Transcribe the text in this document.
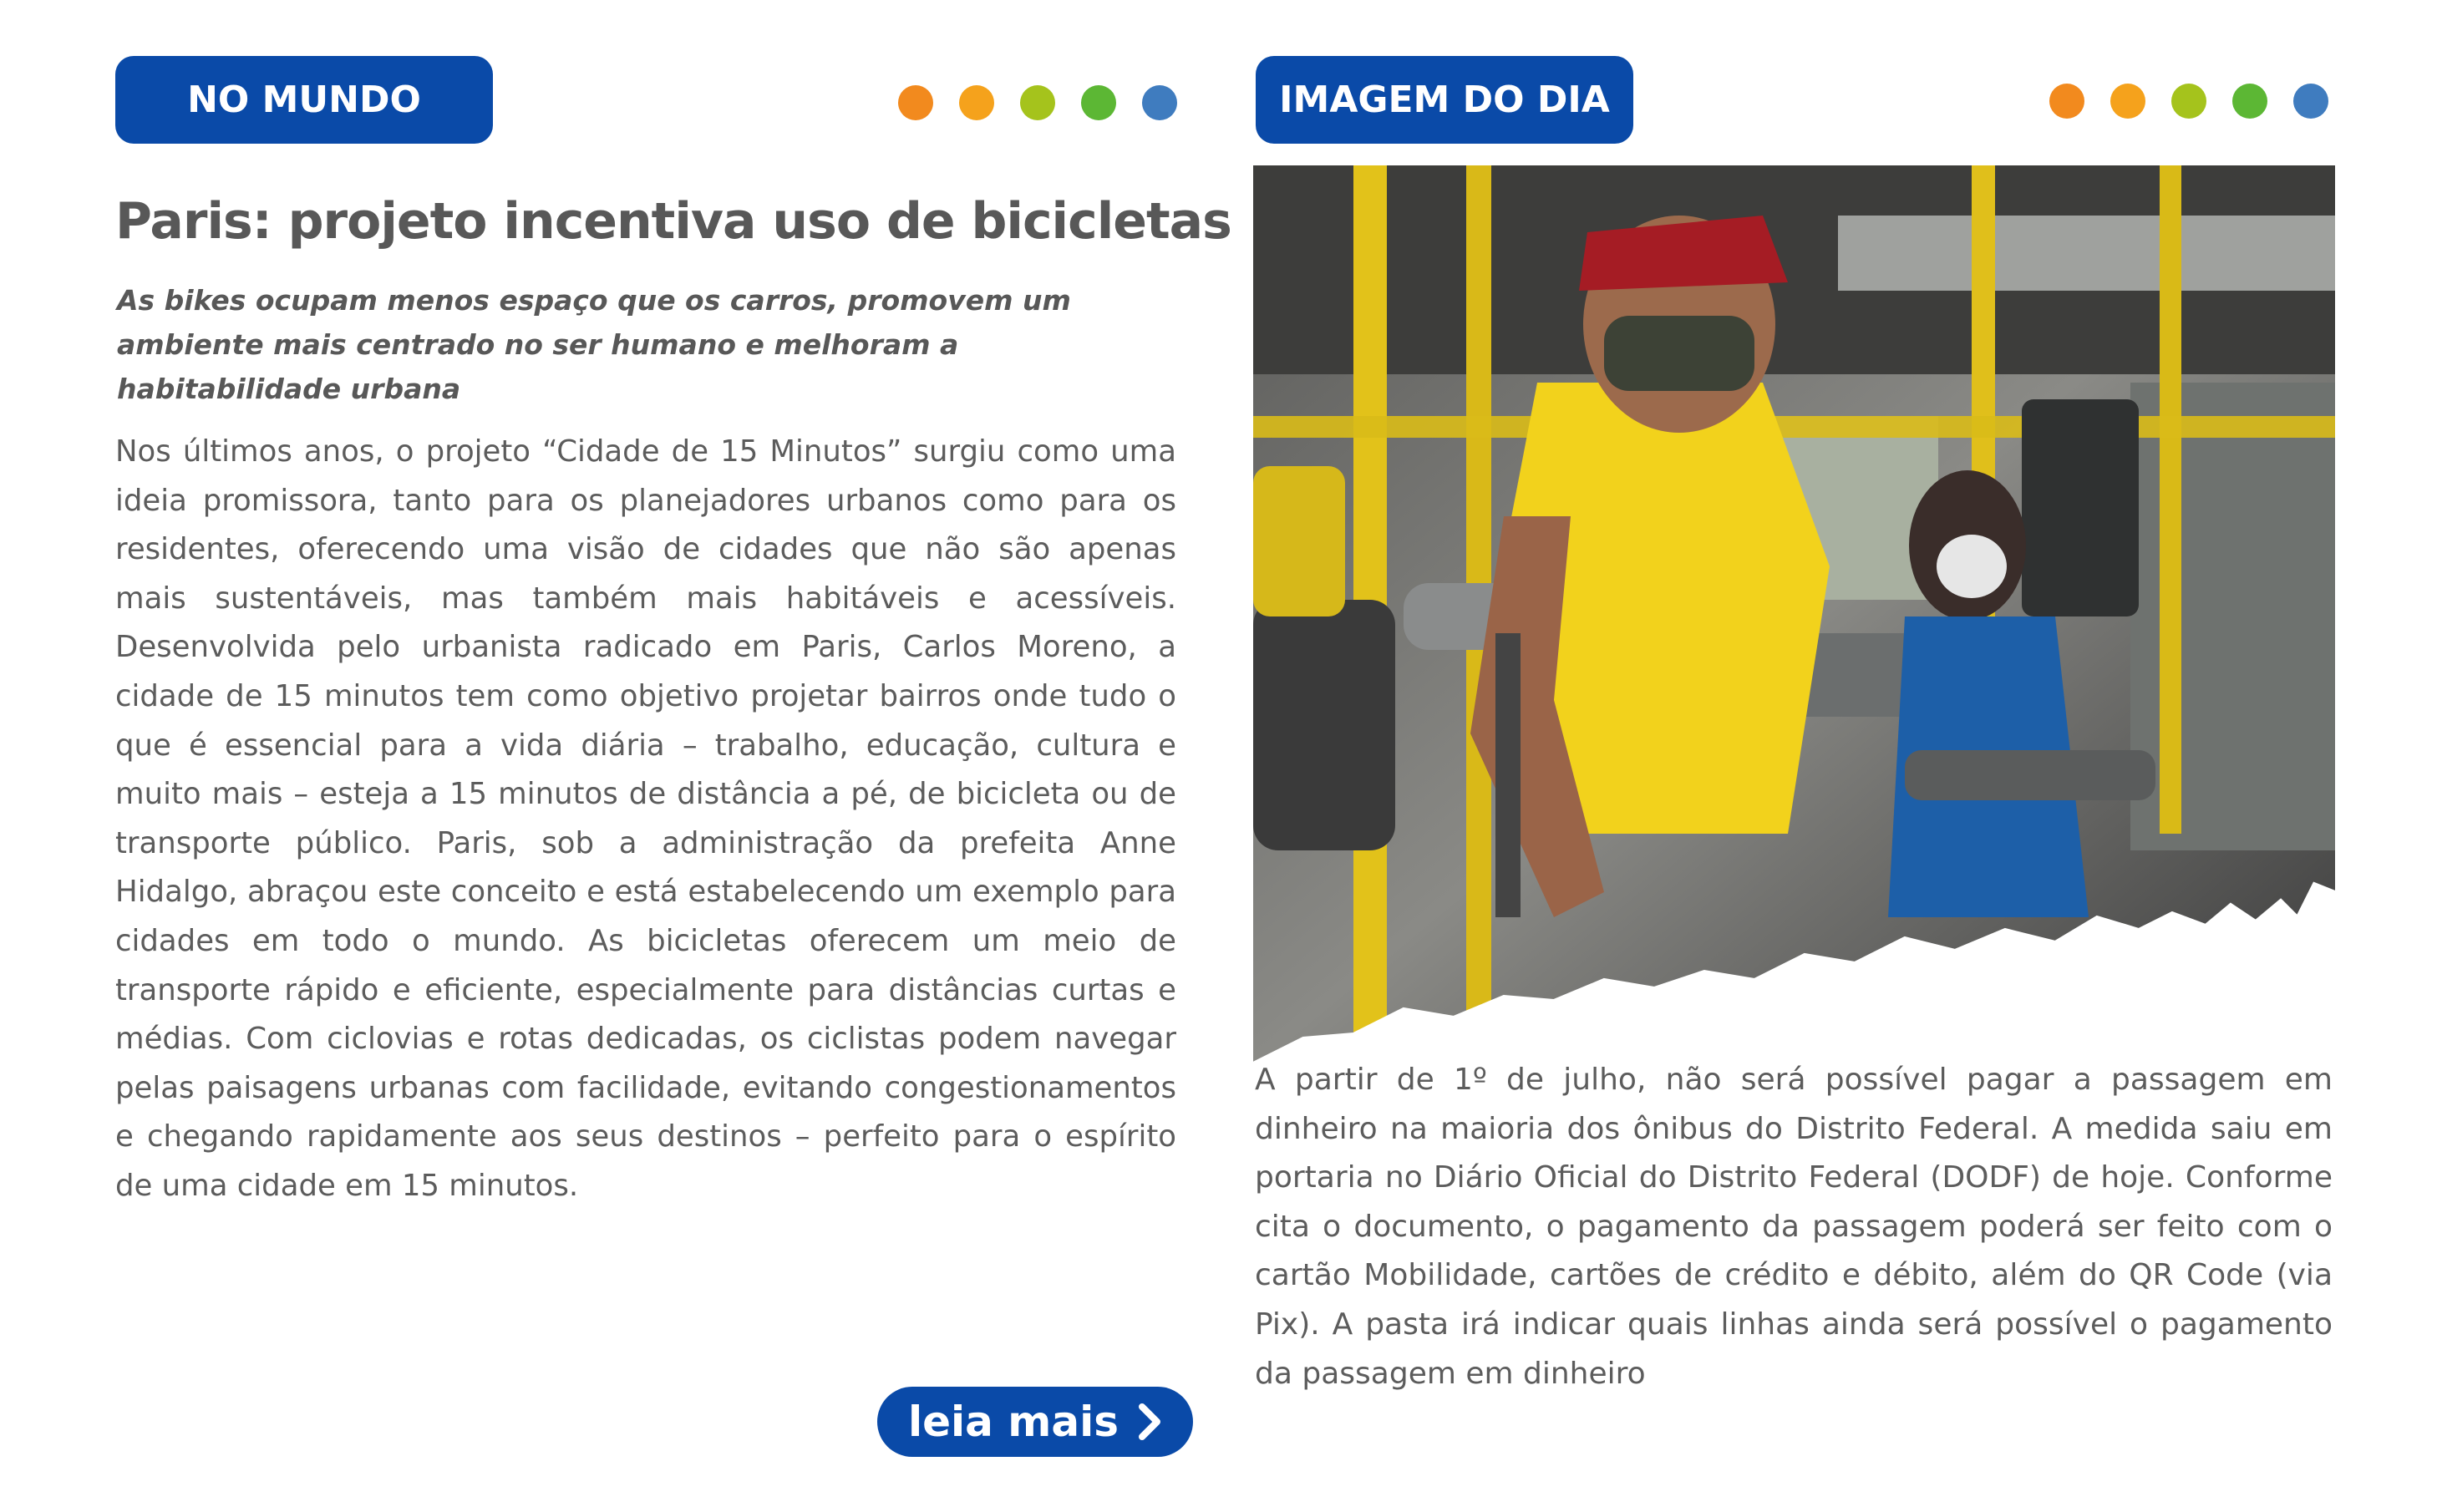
NO MUNDO
Paris: projeto incentiva uso de bicicletas

As bikes ocupam menos espaço que os carros, promovem um ambiente mais centrado no ser humano e melhoram a habitabilidade urbana

Nos últimos anos, o projeto “Cidade de 15 Minutos” surgiu como uma ideia promissora, tanto para os planejadores urbanos como para os residentes, oferecendo uma visão de cidades que não são apenas mais sustentáveis, mas também mais habitáveis e acessíveis. Desenvolvida pelo urbanista radicado em Paris, Carlos Moreno, a cidade de 15 minutos tem como objetivo projetar bairros onde tudo o que é essencial para a vida diária – trabalho, educação, cultura e muito mais – esteja a 15 minutos de distância a pé, de bicicleta ou de transporte público. Paris, sob a administração da prefeita Anne Hidalgo, abraçou este conceito e está estabelecendo um exemplo para cidades em todo o mundo. As bicicletas oferecem um meio de transporte rápido e eficiente, especialmente para distâncias curtas e médias. Com ciclovias e rotas dedicadas, os ciclistas podem navegar pelas paisagens urbanas com facilidade, evitando congestionamentos e chegando rapidamente aos seus destinos – perfeito para o espírito de uma cidade em 15 minutos.

leia mais
IMAGEM DO DIA

A partir de 1º de julho, não será possível pagar a passagem em dinheiro na maioria dos ônibus do Distrito Federal. A medida saiu em portaria no Diário Oficial do Distrito Federal (DODF) de hoje. Conforme cita o documento, o pagamento da passagem poderá ser feito com o cartão Mobilidade, cartões de crédito e débito, além do QR Code (via Pix). A pasta irá indicar quais linhas ainda será possível o pagamento da passagem em dinheiro
